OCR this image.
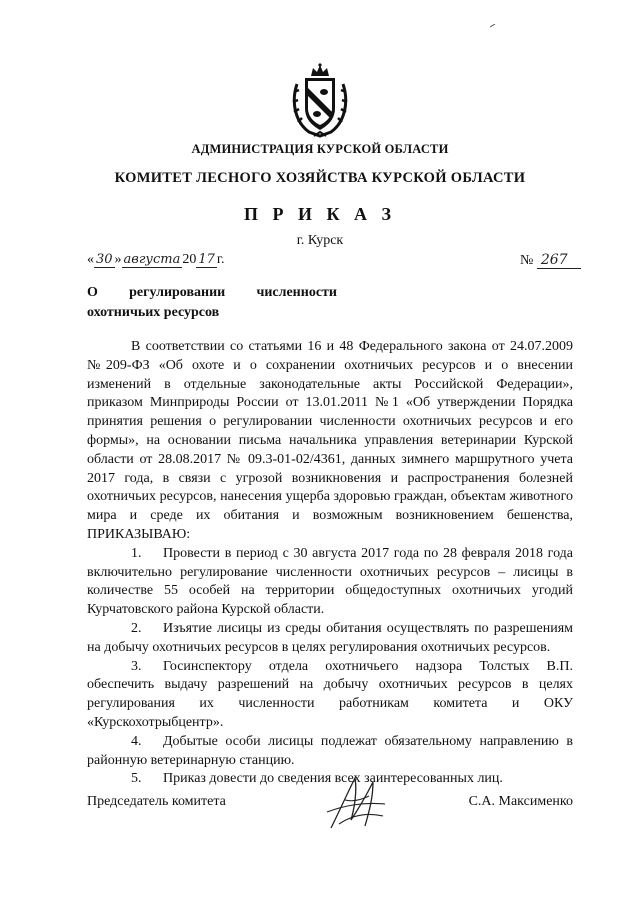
АДМИНИСТРАЦИЯ КУРСКОЙ ОБЛАСТИ
КОМИТЕТ ЛЕСНОГО ХОЗЯЙСТВА КУРСКОЙ ОБЛАСТИ
П Р И К А З
г. Курск
« 30 » августа 20 17 г.	№ 267
О регулировании численности
охотничьих ресурсов

В соответствии со статьями 16 и 48 Федерального закона от 24.07.2009 №209-ФЗ «Об охоте и о сохранении охотничьих ресурсов и о внесении изменений в отдельные законодательные акты Российской Федерации», приказом Минприроды России от 13.01.2011 №1 «Об утверждении Порядка принятия решения о регулировании численности охотничьих ресурсов и его формы», на основании письма начальника управления ветеринарии Курской области от 28.08.2017 № 09.3-01-02/4361, данных зимнего маршрутного учета 2017 года, в связи с угрозой возникновения и распространения болезней охотничьих ресурсов, нанесения ущерба здоровью граждан, объектам животного мира и среде их обитания и возможным возникновением бешенства, ПРИКАЗЫВАЮ:

1. Провести в период с 30 августа 2017 года по 28 февраля 2018 года включительно регулирование численности охотничьих ресурсов – лисицы в количестве 55 особей на территории общедоступных охотничьих угодий Курчатовского района Курской области.

2. Изъятие лисицы из среды обитания осуществлять по разрешениям на добычу охотничьих ресурсов в целях регулирования охотничьих ресурсов.

3. Госинспектору отдела охотничьего надзора Толстых В.П. обеспечить выдачу разрешений на добычу охотничьих ресурсов в целях регулирования их численности работникам комитета и ОКУ «Курскохотрыбцентр».

4. Добытые особи лисицы подлежат обязательному направлению в районную ветеринарную станцию.

5. Приказ довести до сведения всех заинтересованных лиц.

Председатель комитета	С.А. Максименко
